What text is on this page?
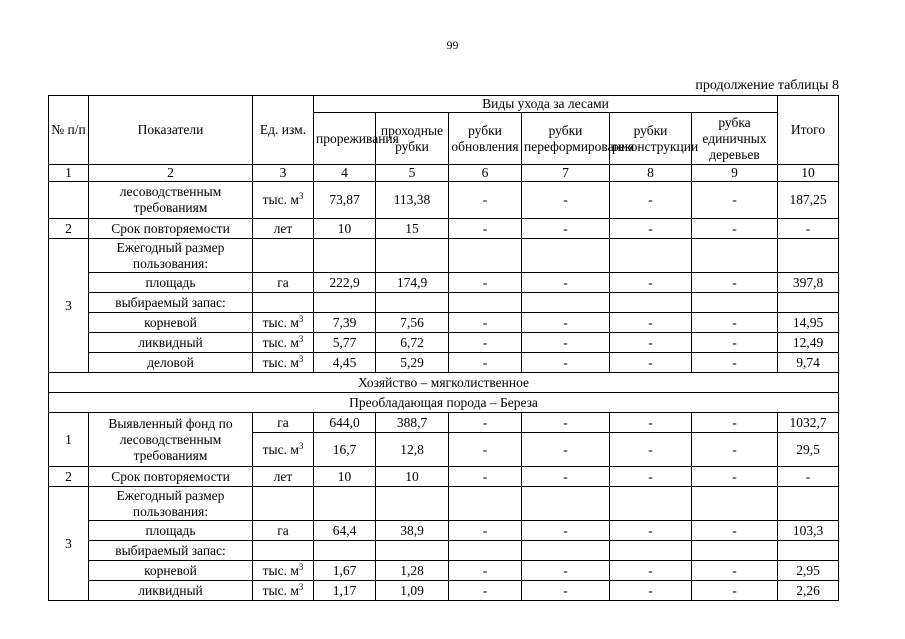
99
продолжение таблицы 8
№ п/п	Показатели	Ед. изм.	Виды ухода за лесами						Итого
			прореживания	проходные рубки	рубки обновления	рубки переформирования	рубки реконструкции	рубка единичных деревьев	
1	2	3	4	5	6	7	8	9	10
	лесоводственным требованиям	тыс. $м^3$	73,87	113,38	-	-	-	-	187,25
2	Срок повторяемости	лет	10	15	-	-	-	-	-
3	Ежегодный размер пользования:								
	площадь	га	222,9	174,9	-	-	-	-	397,8
	выбираемый запас:								
	корневой	тыс. $м^3$	7,39	7,56	-	-	-	-	14,95
	ликвидный	тыс. $м^3$	5,77	6,72	-	-	-	-	12,49
	деловой	тыс. $м^3$	4,45	5,29	-	-	-	-	9,74
Хозяйство – мягколиственное									
Преобладающая порода – Береза									
1	Выявленный фонд по лесоводственным требованиям	га	644,0	388,7	-	-	-	-	1032,7
		тыс. $м^3$	16,7	12,8	-	-	-	-	29,5
2	Срок повторяемости	лет	10	10	-	-	-	-	-
3	Ежегодный размер пользования:								
	площадь	га	64,4	38,9	-	-	-	-	103,3
	выбираемый запас:								
	корневой	тыс. $м^3$	1,67	1,28	-	-	-	-	2,95
	ликвидный	тыс. $м^3$	1,17	1,09	-	-	-	-	2,26
